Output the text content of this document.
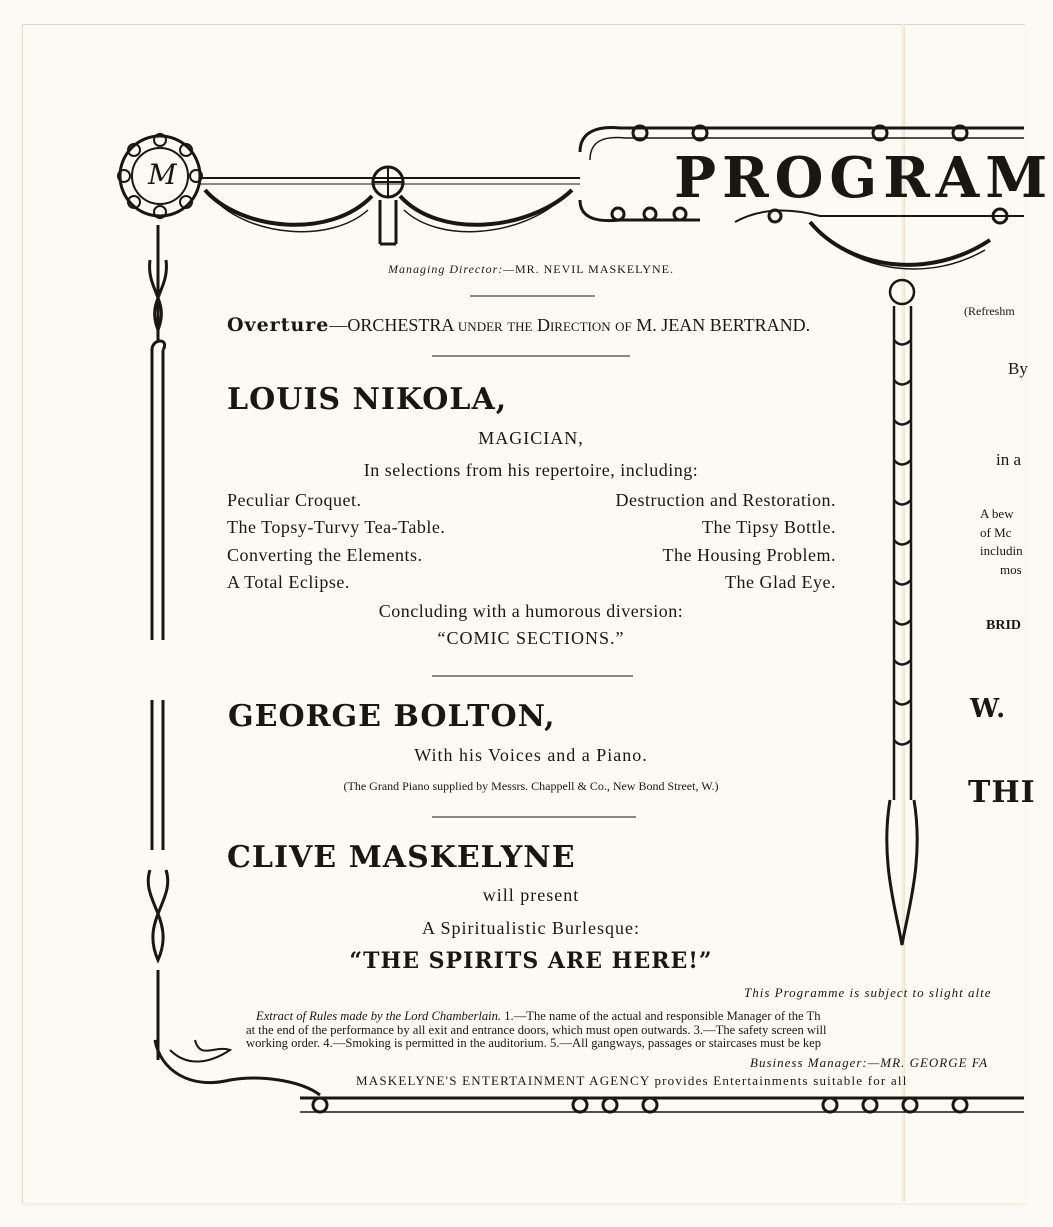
PROGRAM
M
Managing Director:—MR. NEVIL MASKELYNE.
Overture—ORCHESTRA under the Direction of M. JEAN BERTRAND.
LOUIS NIKOLA,
MAGICIAN,
In selections from his repertoire, including:
Peculiar Croquet.
The Topsy-Turvy Tea-Table.
Converting the Elements.
A Total Eclipse.
Destruction and Restoration.
The Tipsy Bottle.
The Housing Problem.
The Glad Eye.
Concluding with a humorous diversion:
“COMIC SECTIONS.”
GEORGE BOLTON,
With his Voices and a Piano.
(The Grand Piano supplied by Messrs. Chappell & Co., New Bond Street, W.)
CLIVE MASKELYNE
will present
A Spiritualistic Burlesque:
“THE SPIRITS ARE HERE!”
This Programme is subject to slight alte
Extract of Rules made by the Lord Chamberlain. 1.—The name of the actual and responsible Manager of the Th
at the end of the performance by all exit and entrance doors, which must open outwards. 3.—The safety screen will
working order. 4.—Smoking is permitted in the auditorium. 5.—All gangways, passages or staircases must be kep
Business Manager:—MR. GEORGE FA
MASKELYNE'S ENTERTAINMENT AGENCY provides Entertainments suitable for all
(Refreshm
By
in a
A bew
of Mc
includin
mos
BRID
W.
THI
